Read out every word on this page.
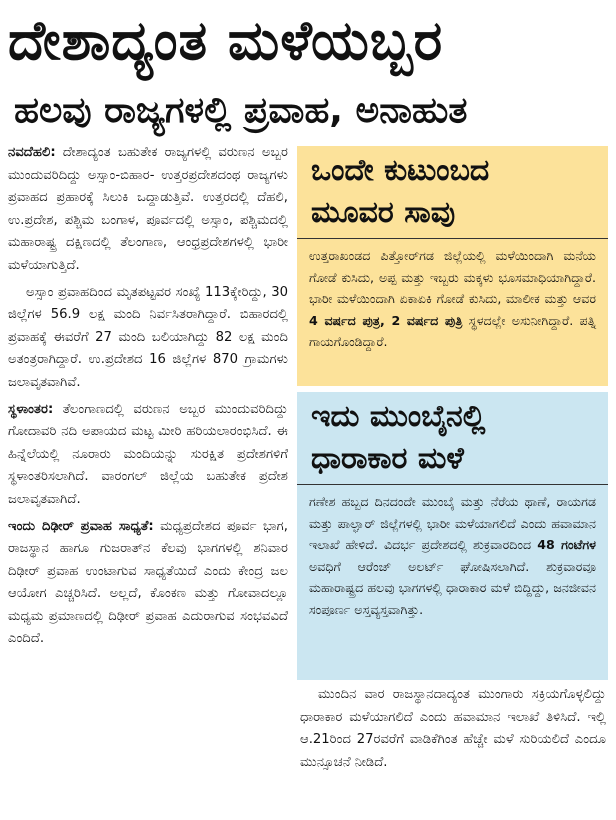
ದೇಶಾದ್ಯಂತ ಮಳೆಯಬ್ಬರ
ಹಲವು ರಾಜ್ಯಗಳಲ್ಲಿ ಪ್ರವಾಹ, ಅನಾಹುತ

ನವದೆಹಲಿ: ದೇಶಾದ್ಯಂತ ಬಹುತೇಕ ರಾಜ್ಯಗಳಲ್ಲಿ ವರುಣನ ಅಬ್ಬರ ಮುಂದುವರಿದಿದ್ದು ಅಸ್ಸಾಂ-ಬಿಹಾರ- ಉತ್ತರಪ್ರದೇಶದಂಥ ರಾಜ್ಯಗಳು ಪ್ರವಾಹದ ಪ್ರಹಾರಕ್ಕೆ ಸಿಲುಕಿ ಒದ್ದಾಡುತ್ತಿವೆ. ಉತ್ತರದಲ್ಲಿ ದೆಹಲಿ, ಉ.ಪ್ರದೇಶ, ಪಶ್ಚಿಮ ಬಂಗಾಳ, ಪೂರ್ವದಲ್ಲಿ ಅಸ್ಸಾಂ, ಪಶ್ಚಿಮದಲ್ಲಿ ಮಹಾರಾಷ್ಟ್ರ ದಕ್ಷಿಣದಲ್ಲಿ ತೆಲಂಗಾಣ, ಆಂಧ್ರಪ್ರದೇಶಗಳಲ್ಲಿ ಭಾರೀ ಮಳೆಯಾಗುತ್ತಿದೆ.

ಅಸ್ಸಾಂ ಪ್ರವಾಹದಿಂದ ಮೃತಪಟ್ಟವರ ಸಂಖ್ಯೆ 113ಕ್ಕೇರಿದ್ದು, 30 ಜಿಲ್ಲೆಗಳ 56.9 ಲಕ್ಷ ಮಂದಿ ನಿರ್ವಸಿತರಾಗಿದ್ದಾರೆ. ಬಿಹಾರದಲ್ಲಿ ಪ್ರವಾಹಕ್ಕೆ ಈವರೆಗೆ 27 ಮಂದಿ ಬಲಿಯಾಗಿದ್ದು 82 ಲಕ್ಷ ಮಂದಿ ಅತಂತ್ರರಾಗಿದ್ದಾರೆ. ಉ.ಪ್ರದೇಶದ 16 ಜಿಲ್ಲೆಗಳ 870 ಗ್ರಾಮಗಳು ಜಲಾವೃತವಾಗಿವೆ.

ಸ್ಥಳಾಂತರ: ತೆಲಂಗಾಣದಲ್ಲಿ ವರುಣನ ಅಬ್ಬರ ಮುಂದುವರಿದಿದ್ದು ಗೋದಾವರಿ ನದಿ ಅಪಾಯದ ಮಟ್ಟ ಮೀರಿ ಹರಿಯಲಾರಂಭಿಸಿದೆ. ಈ ಹಿನ್ನೆಲೆಯಲ್ಲಿ ನೂರಾರು ಮಂದಿಯನ್ನು ಸುರಕ್ಷಿತ ಪ್ರದೇಶಗಳಿಗೆ ಸ್ಥಳಾಂತರಿಸಲಾಗಿದೆ. ವಾರಂಗಲ್ ಜಿಲ್ಲೆಯ ಬಹುತೇಕ ಪ್ರದೇಶ ಜಲಾವೃತವಾಗಿದೆ.

ಇಂದು ದಿಢೀರ್ ಪ್ರವಾಹ ಸಾಧ್ಯತೆ: ಮಧ್ಯಪ್ರದೇಶದ ಪೂರ್ವ ಭಾಗ, ರಾಜಸ್ಥಾನ ಹಾಗೂ ಗುಜರಾತ್‌ನ ಕೆಲವು ಭಾಗಗಳಲ್ಲಿ ಶನಿವಾರ ದಿಢೀರ್ ಪ್ರವಾಹ ಉಂಟಾಗುವ ಸಾಧ್ಯತೆಯಿದೆ ಎಂದು ಕೇಂದ್ರ ಜಲ ಆಯೋಗ ಎಚ್ಚರಿಸಿದೆ. ಅಲ್ಲದೆ, ಕೊಂಕಣ ಮತ್ತು ಗೋವಾದಲ್ಲೂ ಮಧ್ಯಮ ಪ್ರಮಾಣದಲ್ಲಿ ದಿಢೀರ್ ಪ್ರವಾಹ ಎದುರಾಗುವ ಸಂಭವವಿದೆ ಎಂದಿದೆ.

ಒಂದೇ ಕುಟುಂಬದ
ಮೂವರ ಸಾವು

ಉತ್ತರಾಖಂಡದ ಪಿತ್ತೋರ್‌ಗಡ ಜಿಲ್ಲೆಯಲ್ಲಿ ಮಳೆಯಿಂದಾಗಿ ಮನೆಯ ಗೋಡೆ ಕುಸಿದು, ಅಪ್ಪ ಮತ್ತು ಇಬ್ಬರು ಮಕ್ಕಳು ಭೂಸಮಾಧಿಯಾಗಿದ್ದಾರೆ. ಭಾರೀ ಮಳೆಯಿಂದಾಗಿ ಏಕಾಏಕಿ ಗೋಡೆ ಕುಸಿದು, ಮಾಲೀಕ ಮತ್ತು ಆವರ 4 ವರ್ಷದ ಪುತ್ರ, 2 ವರ್ಷದ ಪುತ್ರಿ ಸ್ಥಳದಲ್ಲೇ ಅಸುನೀಗಿದ್ದಾರೆ. ಪತ್ನಿ ಗಾಯಗೊಂಡಿದ್ದಾರೆ.

ಇದು ಮುಂಬೈನಲ್ಲಿ
ಧಾರಾಕಾರ ಮಳೆ

ಗಣೇಶ ಹಬ್ಬದ ದಿನದಂದೇ ಮುಂಬೈ ಮತ್ತು ನೆರೆಯ ಥಾಣೆ, ರಾಯಗಡ ಮತ್ತು ಪಾಲ್ಘಾರ್ ಜಿಲ್ಲೆಗಳಲ್ಲಿ ಭಾರೀ ಮಳೆಯಾಗಲಿದೆ ಎಂದು ಹವಾಮಾನ ಇಲಾಖೆ ಹೇಳಿದೆ. ವಿದರ್ಭ ಪ್ರದೇಶದಲ್ಲಿ ಶುಕ್ರವಾರದಿಂದ 48 ಗಂಟೆಗಳ ಅವಧಿಗೆ ಆರೆಂಜ್ ಅಲರ್ಟ್ ಘೋಷಿಸಲಾಗಿದೆ. ಶುಕ್ರವಾರವೂ ಮಹಾರಾಷ್ಟ್ರದ ಹಲವು ಭಾಗಗಳಲ್ಲಿ ಧಾರಾಕಾರ ಮಳೆ ಬಿದ್ದಿದ್ದು, ಜನಜೀವನ ಸಂಪೂರ್ಣ ಅಸ್ತವ್ಯಸ್ತವಾಗಿತ್ತು.

ಮುಂದಿನ ವಾರ ರಾಜಸ್ಥಾನದಾದ್ಯಂತ ಮುಂಗಾರು ಸಕ್ರಿಯಗೊಳ್ಳಲಿದ್ದು ಧಾರಾಕಾರ ಮಳೆಯಾಗಲಿದೆ ಎಂದು ಹವಾಮಾನ ಇಲಾಖೆ ತಿಳಿಸಿದೆ. ಇಲ್ಲಿ ಆ.21ರಿಂದ 27ರವರೆಗೆ ವಾಡಿಕೆಗಿಂತ ಹೆಚ್ಚೇ ಮಳೆ ಸುರಿಯಲಿದೆ ಎಂದೂ ಮುನ್ಸೂಚನೆ ನೀಡಿದೆ.
